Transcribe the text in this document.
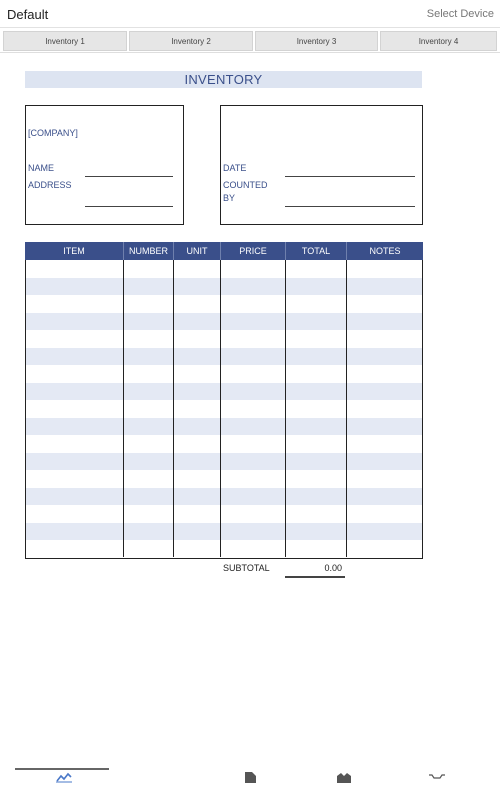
Default	Select Device
Inventory 1	Inventory 2	Inventory 3	Inventory 4
INVENTORY
[COMPANY]
NAME
ADDRESS
DATE
COUNTED
BY
ITEM	NUMBER	UNIT	PRICE	TOTAL	NOTES
SUBTOTAL	0.00
